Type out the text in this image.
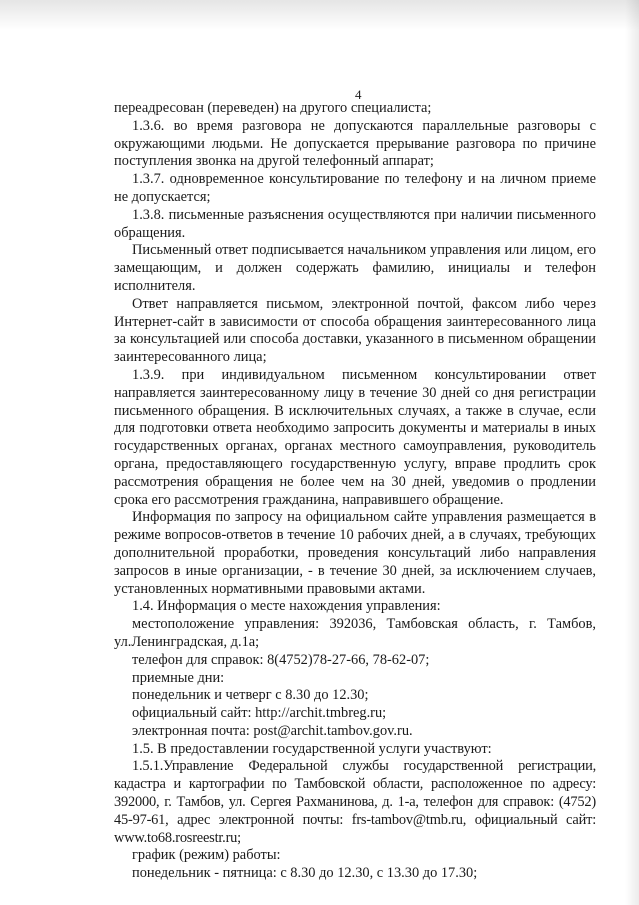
4

переадресован (переведен) на другого специалиста;

1.3.6. во время разговора не допускаются параллельные разговоры с окружающими людьми. Не допускается прерывание разговора по причине поступления звонка на другой телефонный аппарат;

1.3.7. одновременное консультирование по телефону и на личном приеме не допускается;

1.3.8. письменные разъяснения осуществляются при наличии письменного обращения.

Письменный ответ подписывается начальником управления или лицом, его замещающим, и должен содержать фамилию, инициалы и телефон исполнителя.

Ответ направляется письмом, электронной почтой, факсом либо через Интернет-сайт в зависимости от способа обращения заинтересованного лица за консультацией или способа доставки, указанного в письменном обращении заинтересованного лица;

1.3.9. при индивидуальном письменном консультировании ответ направляется заинтересованному лицу в течение 30 дней со дня регистрации письменного обращения. В исключительных случаях, а также в случае, если для подготовки ответа необходимо запросить документы и материалы в иных государственных органах, органах местного самоуправления, руководитель органа, предоставляющего государственную услугу, вправе продлить срок рассмотрения обращения не более чем на 30 дней, уведомив о продлении срока его рассмотрения гражданина, направившего обращение.

Информация по запросу на официальном сайте управления размещается в режиме вопросов-ответов в течение 10 рабочих дней, а в случаях, требующих дополнительной проработки, проведения консультаций либо направления запросов в иные организации, - в течение 30 дней, за исключением случаев, установленных нормативными правовыми актами.

1.4. Информация о месте нахождения управления:

местоположение управления: 392036, Тамбовская область, г. Тамбов, ул.Ленинградская, д.1а;

телефон для справок: 8(4752)78-27-66, 78-62-07;

приемные дни:

понедельник и четверг с 8.30 до 12.30;

официальный сайт: http://archit.tmbreg.ru;

электронная почта: post@archit.tambov.gov.ru.

1.5. В предоставлении государственной услуги участвуют:

1.5.1.Управление Федеральной службы государственной регистрации, кадастра и картографии по Тамбовской области, расположенное по адресу: 392000, г. Тамбов, ул. Сергея Рахманинова, д. 1-а, телефон для справок: (4752) 45-97-61, адрес электронной почты: frs-tambov@tmb.ru, официальный сайт: www.to68.rosreestr.ru;

график (режим) работы:

понедельник - пятница: с 8.30 до 12.30, с 13.30 до 17.30;
